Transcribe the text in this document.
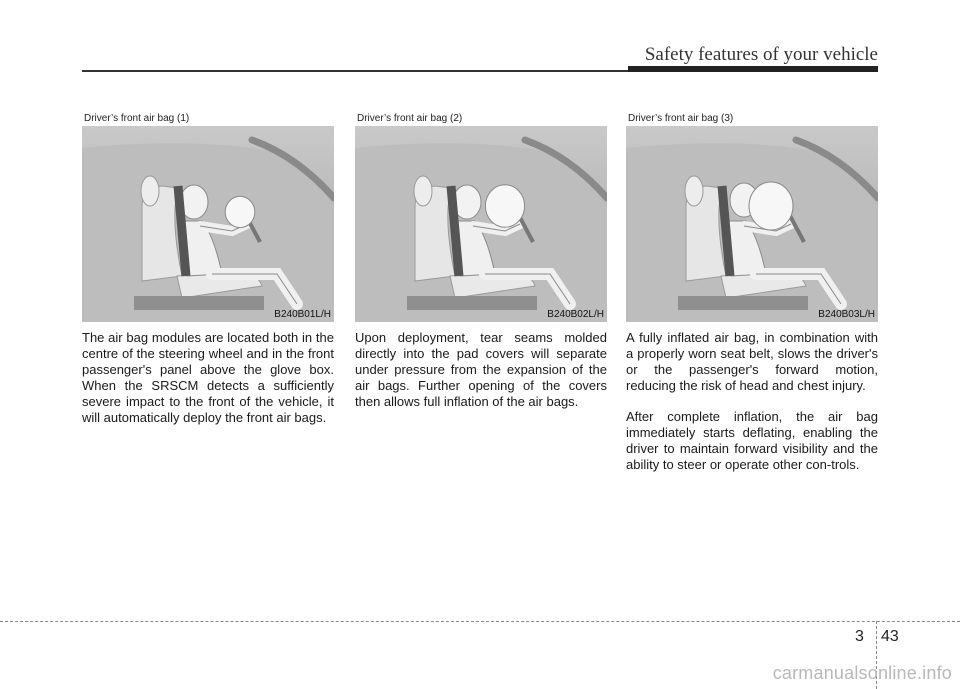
Safety features of your vehicle
Driver’s front air bag (1)
B240B01L/H

The air bag modules are located both in the centre of the steering wheel and in the front passenger's panel above the glove box. When the SRSCM detects a sufficiently severe impact to the front of the vehicle, it will automatically deploy the front air bags.

Driver’s front air bag (2)
B240B02L/H

Upon deployment, tear seams molded directly into the pad covers will separate under pressure from the expansion of the air bags. Further opening of the covers then allows full inflation of the air bags.

Driver’s front air bag (3)
B240B03L/H

A fully inflated air bag, in combination with a properly worn seat belt, slows the driver's or the passenger's forward motion, reducing the risk of head and chest injury.

After complete inflation, the air bag immediately starts deflating, enabling the driver to maintain forward visibility and the ability to steer or operate other con-trols.

3 43
carmanualsonline.info
